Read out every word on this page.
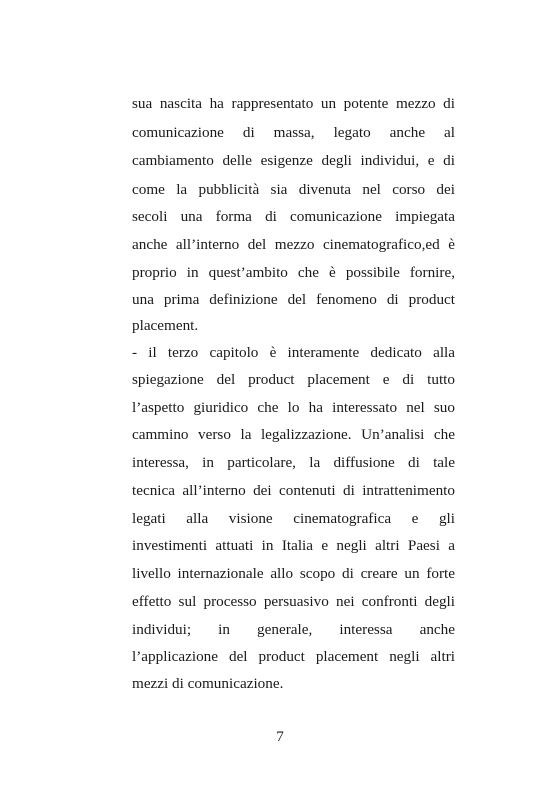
sua nascita ha rappresentato un potente mezzo di
comunicazione di massa, legato anche al
cambiamento delle esigenze degli individui, e di
come la pubblicità sia divenuta nel corso dei
secoli una forma di comunicazione impiegata
anche all’interno del mezzo cinematografico,ed è
proprio in quest’ambito che è possibile fornire,
una prima definizione del fenomeno di product
placement.
- il terzo capitolo è interamente dedicato alla
spiegazione del product placement e di tutto
l’aspetto giuridico che lo ha interessato nel suo
cammino verso la legalizzazione. Un’analisi che
interessa, in particolare, la diffusione di tale
tecnica all’interno dei contenuti di intrattenimento
legati alla visione cinematografica e gli
investimenti attuati in Italia e negli altri Paesi a
livello internazionale allo scopo di creare un forte
effetto sul processo persuasivo nei confronti degli
individui; in generale, interessa anche
l’applicazione del product placement negli altri
mezzi di comunicazione.
7
